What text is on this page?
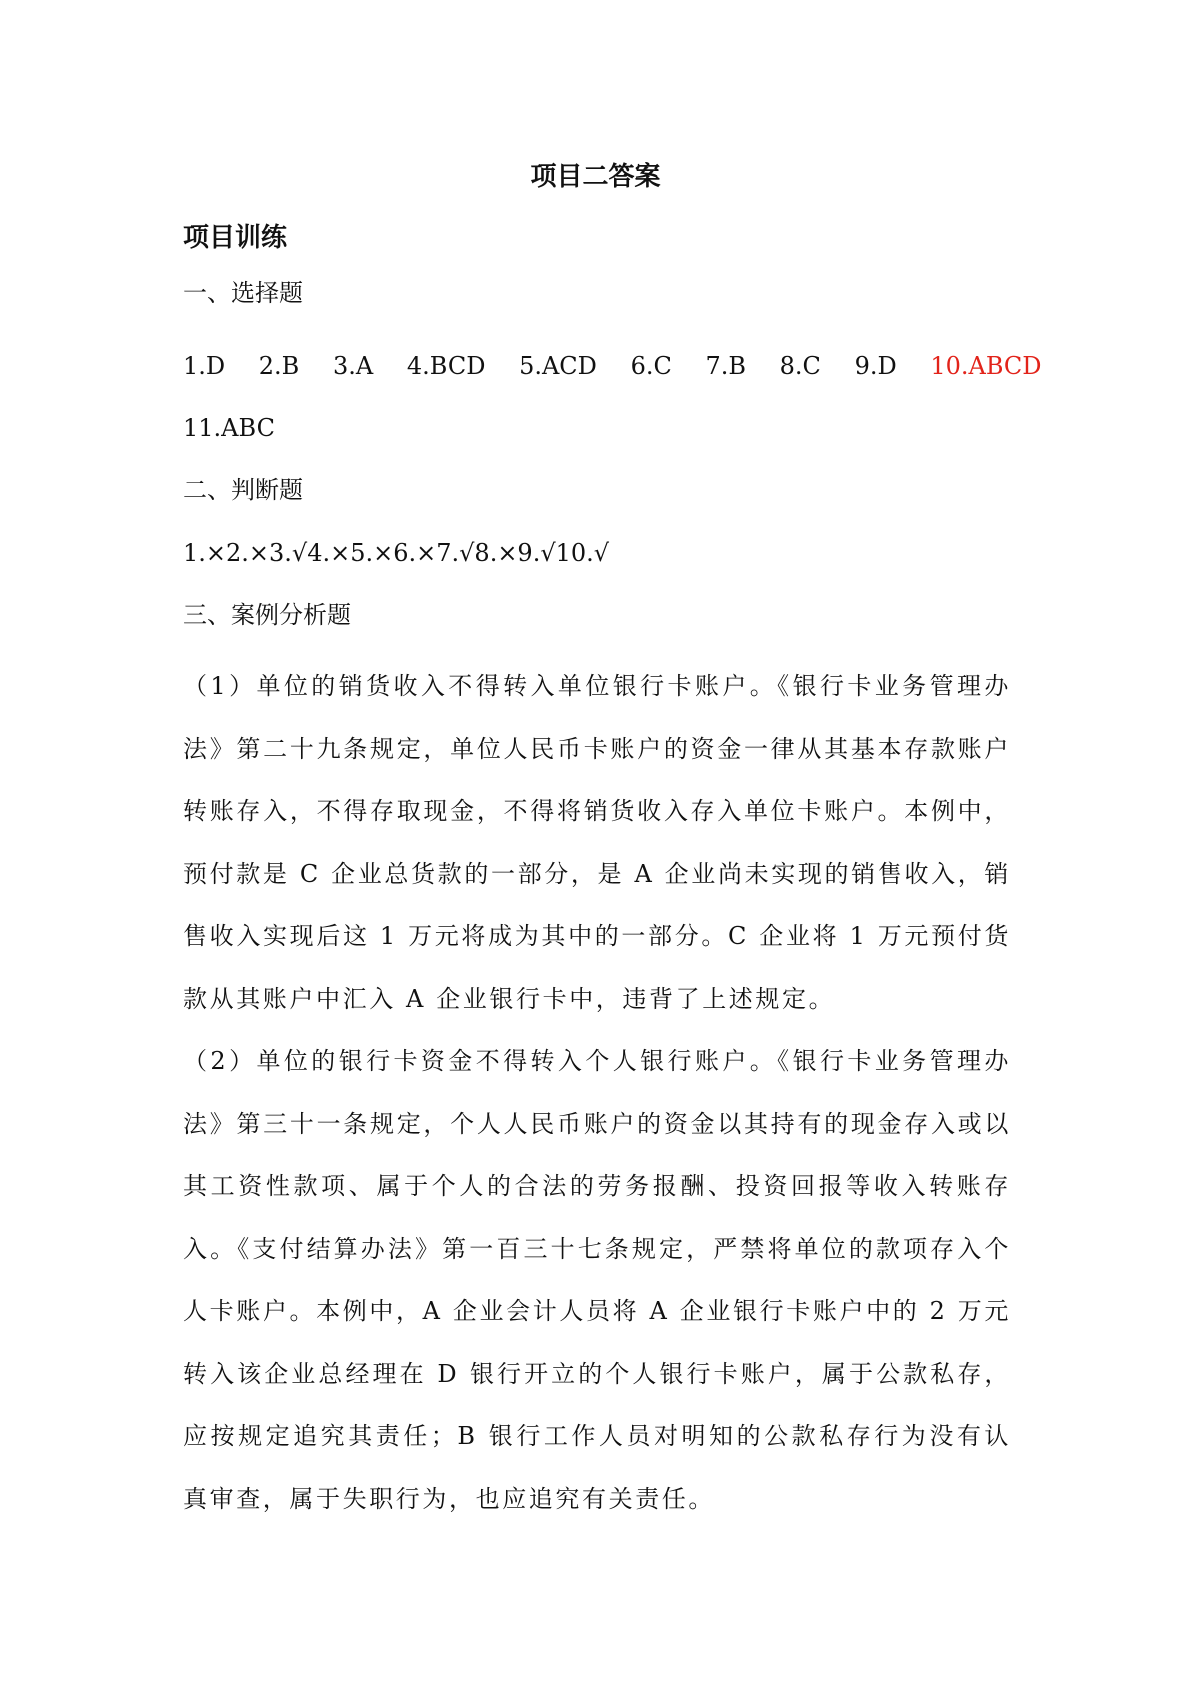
项目二答案
项目训练
一、选择题
1.D 2.B 3.A 4.BCD 5.ACD 6.C 7.B 8.C 9.D 10.ABCD
11.ABC
二、判断题
1.×2.×3.√4.×5.×6.×7.√8.×9.√10.√
三、案例分析题
（1）单位的销货收入不得转入单位银行卡账户。《银行卡业务管理办法》第二十九条规定，单位人民币卡账户的资金一律从其基本存款账户转账存入，不得存取现金，不得将销货收入存入单位卡账户。本例中，预付款是 C 企业总货款的一部分，是 A 企业尚未实现的销售收入，销售收入实现后这 1 万元将成为其中的一部分。C 企业将 1 万元预付货款从其账户中汇入 A 企业银行卡中，违背了上述规定。
（2）单位的银行卡资金不得转入个人银行账户。《银行卡业务管理办法》第三十一条规定，个人人民币账户的资金以其持有的现金存入或以其工资性款项、属于个人的合法的劳务报酬、投资回报等收入转账存入。《支付结算办法》第一百三十七条规定，严禁将单位的款项存入个人卡账户。本例中，A 企业会计人员将 A 企业银行卡账户中的 2 万元转入该企业总经理在 D 银行开立的个人银行卡账户，属于公款私存，应按规定追究其责任；B 银行工作人员对明知的公款私存行为没有认真审查，属于失职行为，也应追究有关责任。
